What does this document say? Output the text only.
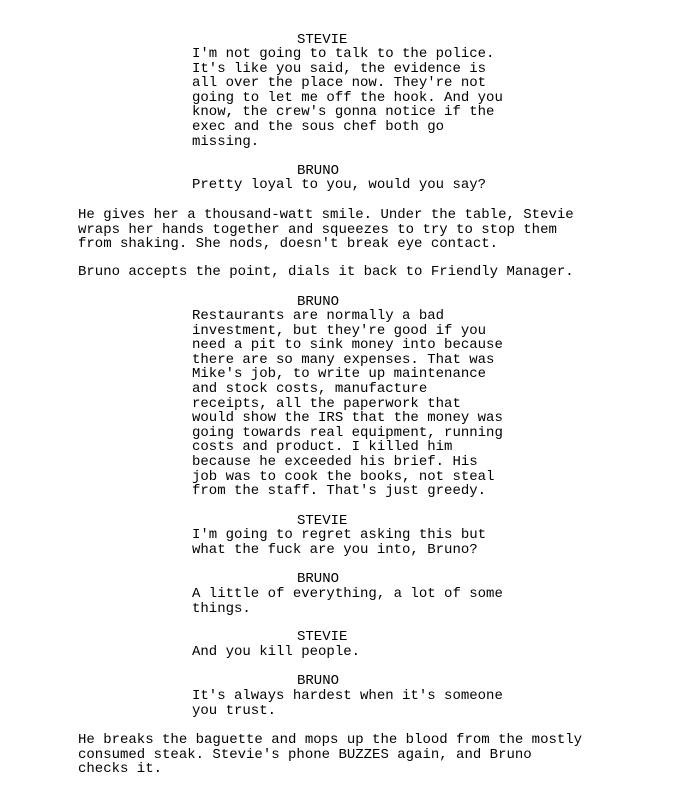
STEVIE

I'm not going to talk to the police.
It's like you said, the evidence is
all over the place now. They're not
going to let me off the hook. And you
know, the crew's gonna notice if the
exec and the sous chef both go
missing.

BRUNO

Pretty loyal to you, would you say?

He gives her a thousand-watt smile. Under the table, Stevie
wraps her hands together and squeezes to try to stop them
from shaking. She nods, doesn't break eye contact.

Bruno accepts the point, dials it back to Friendly Manager.

BRUNO

Restaurants are normally a bad
investment, but they're good if you
need a pit to sink money into because
there are so many expenses. That was
Mike's job, to write up maintenance
and stock costs, manufacture
receipts, all the paperwork that
would show the IRS that the money was
going towards real equipment, running
costs and product. I killed him
because he exceeded his brief. His
job was to cook the books, not steal
from the staff. That's just greedy.

STEVIE

I'm going to regret asking this but
what the fuck are you into, Bruno?

BRUNO

A little of everything, a lot of some
things.

STEVIE

And you kill people.

BRUNO

It's always hardest when it's someone
you trust.

He breaks the baguette and mops up the blood from the mostly
consumed steak. Stevie's phone BUZZES again, and Bruno
checks it.
